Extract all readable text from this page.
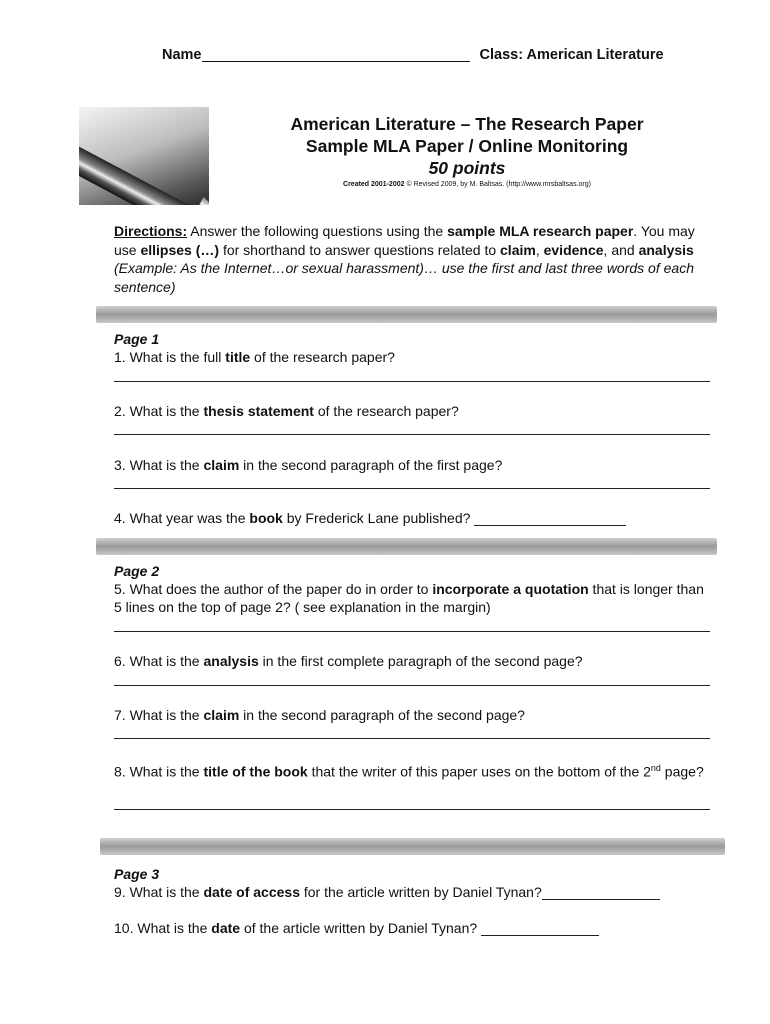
Name	Class: American Literature
American Literature – The Research Paper
Sample MLA Paper / Online Monitoring
50 points
Created 2001-2002 © Revised 2009, by M. Baltsas. (http://www.mrsbaltsas.org)
Directions: Answer the following questions using the sample MLA research paper. You may use ellipses (…) for shorthand to answer questions related to claim, evidence, and analysis (Example: As the Internet…or sexual harassment)… use the first and last three words of each sentence)
Page 1
1. What is the full title of the research paper?
2. What is the thesis statement of the research paper?
3. What is the claim in the second paragraph of the first page?
4. What year was the book by Frederick Lane published?
Page 2
5. What does the author of the paper do in order to incorporate a quotation that is longer than 5 lines on the top of page 2? ( see explanation in the margin)
6. What is the analysis in the first complete paragraph of the second page?
7. What is the claim in the second paragraph of the second page?
8. What is the title of the book that the writer of this paper uses on the bottom of the 2nd page?
Page 3
9. What is the date of access for the article written by Daniel Tynan?
10. What is the date of the article written by Daniel Tynan?
